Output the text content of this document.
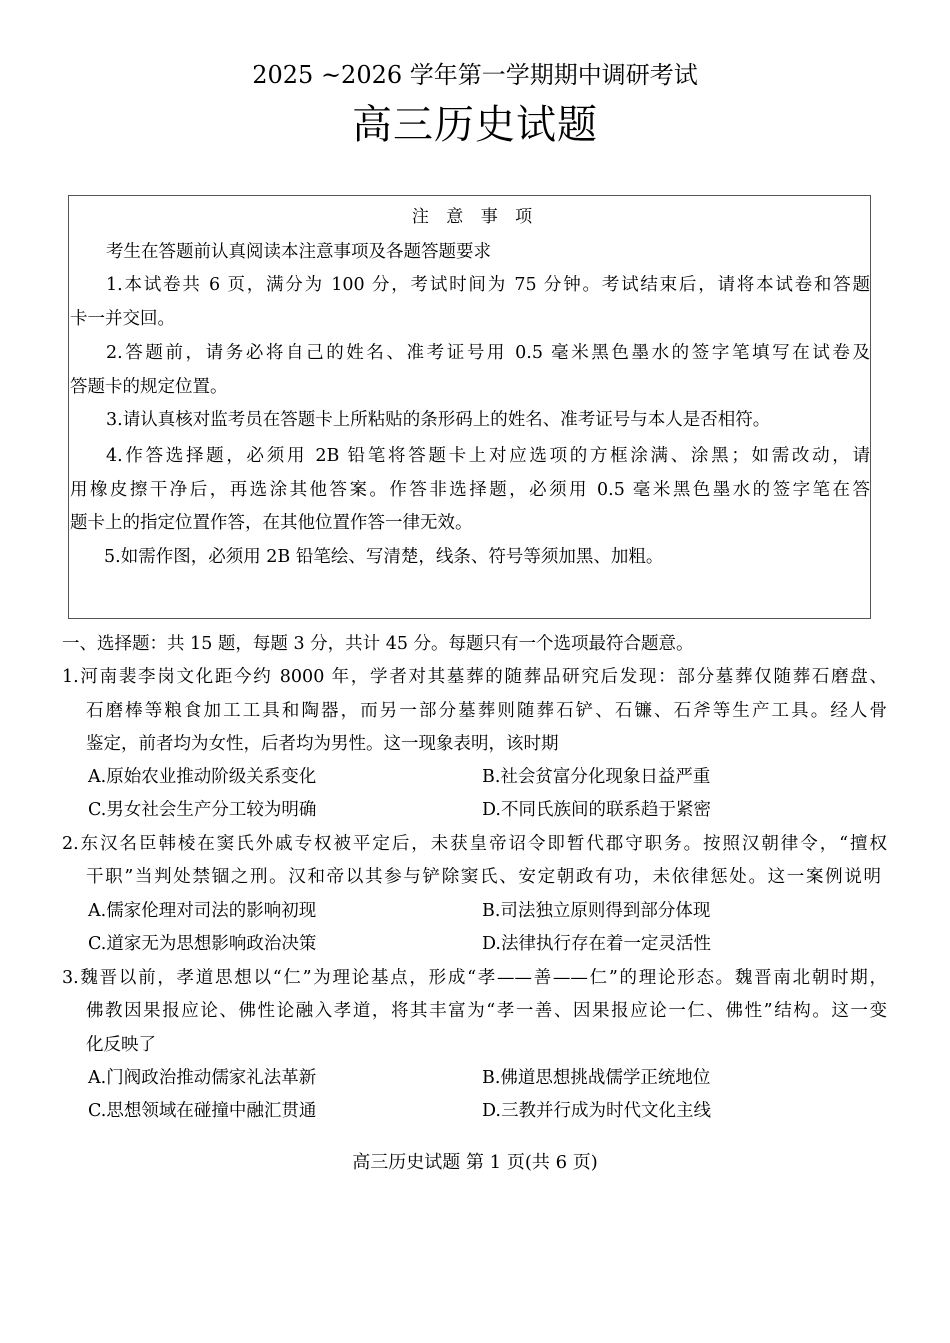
2025 ~2026 学年第一学期期中调研考试
高三历史试题
注 意 事 项
考生在答题前认真阅读本注意事项及各题答题要求
1.本试卷共 6 页，满分为 100 分，考试时间为 75 分钟。考试结束后，请将本试卷和答题
卡一并交回。
2.答题前，请务必将自己的姓名、准考证号用 0.5 毫米黑色墨水的签字笔填写在试卷及
答题卡的规定位置。
3.请认真核对监考员在答题卡上所粘贴的条形码上的姓名、准考证号与本人是否相符。
4.作答选择题，必须用 2B 铅笔将答题卡上对应选项的方框涂满、涂黑；如需改动，请
用橡皮擦干净后，再选涂其他答案。作答非选择题，必须用 0.5 毫米黑色墨水的签字笔在答
题卡上的指定位置作答，在其他位置作答一律无效。
5.如需作图，必须用 2B 铅笔绘、写清楚，线条、符号等须加黑、加粗。
一、选择题：共 15 题，每题 3 分，共计 45 分。每题只有一个选项最符合题意。
1.河南裴李岗文化距今约 8000 年，学者对其墓葬的随葬品研究后发现：部分墓葬仅随葬石磨盘、
石磨棒等粮食加工工具和陶器，而另一部分墓葬则随葬石铲、石镰、石斧等生产工具。经人骨
鉴定，前者均为女性，后者均为男性。这一现象表明，该时期
A.原始农业推动阶级关系变化	B.社会贫富分化现象日益严重
C.男女社会生产分工较为明确	D.不同氏族间的联系趋于紧密
2.东汉名臣韩棱在窦氏外戚专权被平定后，未获皇帝诏令即暂代郡守职务。按照汉朝律令，“擅权
干职”当判处禁锢之刑。汉和帝以其参与铲除窦氏、安定朝政有功，未依律惩处。这一案例说明
A.儒家伦理对司法的影响初现	B.司法独立原则得到部分体现
C.道家无为思想影响政治决策	D.法律执行存在着一定灵活性
3.魏晋以前，孝道思想以“仁”为理论基点，形成“孝——善——仁”的理论形态。魏晋南北朝时期，
佛教因果报应论、佛性论融入孝道，将其丰富为“孝一善、因果报应论一仁、佛性”结构。这一变
化反映了
A.门阀政治推动儒家礼法革新	B.佛道思想挑战儒学正统地位
C.思想领域在碰撞中融汇贯通	D.三教并行成为时代文化主线
高三历史试题 第 1 页(共 6 页)
